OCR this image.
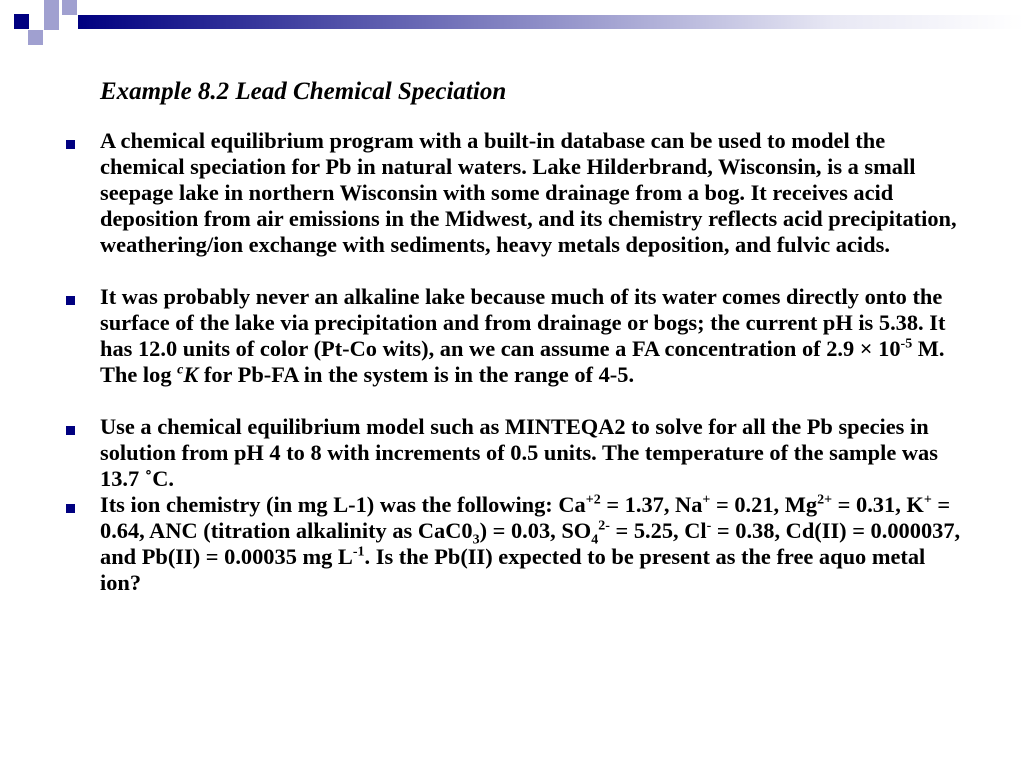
Example 8.2 Lead Chemical Speciation
A chemical equilibrium program with a built-in database can be used to model the chemical speciation for Pb in natural waters. Lake Hilderbrand, Wisconsin, is a small seepage lake in northern Wisconsin with some drainage from a bog. It receives acid deposition from air emissions in the Midwest, and its chemistry reflects acid precipitation, weathering/ion exchange with sediments, heavy metals deposition, and fulvic acids.
It was probably never an alkaline lake because much of its water comes directly onto the surface of the lake via precipitation and from drainage or bogs; the current pH is 5.38. It has 12.0 units of color (Pt-Co wits), an we can assume a FA concentration of $2.9 \times 10^{-5}$ M. The log $^c$K for Pb-FA in the system is in the range of 4-5.
Use a chemical equilibrium model such as MINTEQA2 to solve for all the Pb species in solution from pH 4 to 8 with increments of 0.5 units. The temperature of the sample was 13.7 ˚C.
Its ion chemistry (in mg L-1) was the following: $Ca^{+2} = 1.37$, Na+ = 0.21, $Mg^{2+} = 0.31$, K+ = 0.64, ANC (titration alkalinity as $CaC0_3) = 0.03$, $SO_4^{2-} = 5.25$, Cl- = 0.38, Cd(II) = 0.000037, and Pb(II) = 0.00035 mg $L^{-1}$. Is the Pb(II) expected to be present as the free aquo metal ion?
